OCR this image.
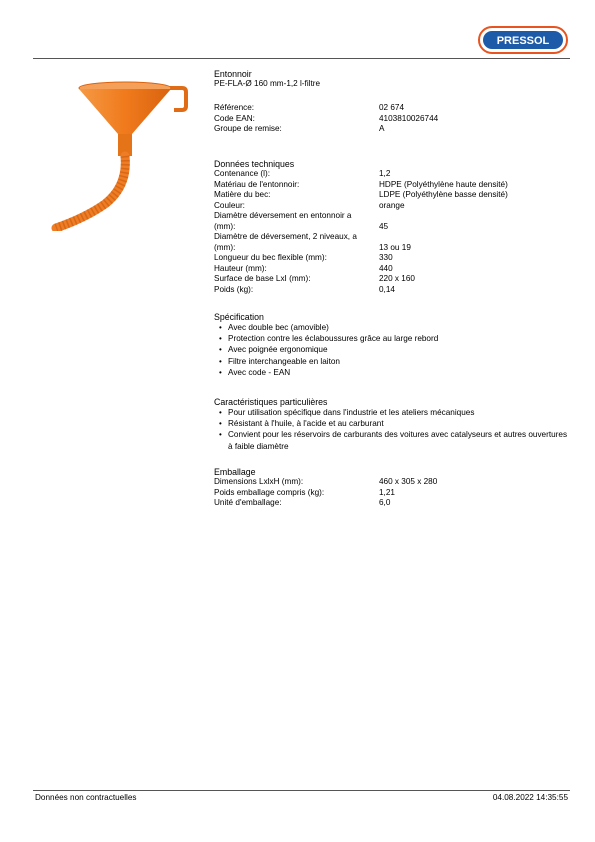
PRESSOL
Entonnoir
PE-FLA-Ø 160 mm-1,2 l-filtre
Référence:	02 674
Code EAN:	4103810026744
Groupe de remise:	A
Données techniques
Contenance (l):	1,2
Matériau de l'entonnoir:	HDPE (Polyéthylène haute densité)
Matière du bec:	LDPE (Polyéthylène basse densité)
Couleur:	orange
Diamètre déversement en entonnoir a	
(mm):	45
Diamètre de déversement, 2 niveaux, a	
(mm):	13 ou 19
Longueur du bec flexible (mm):	330
Hauteur (mm):	440
Surface de base LxI (mm):	220 x 160
Poids (kg):	0,14
Spécification
• Avec double bec (amovible)
• Protection contre les éclaboussures grâce au large rebord
• Avec poignée ergonomique
• Filtre interchangeable en laiton
• Avec code - EAN
Caractéristiques particulières
• Pour utilisation spécifique dans l'industrie et les ateliers mécaniques
• Résistant à l'huile, à l'acide et au carburant
• Convient pour les réservoirs de carburants des voitures avec catalyseurs et autres ouvertures à faible diamètre
Emballage
Dimensions LxlxH (mm):	460 x 305 x 280
Poids emballage compris (kg):	1,21
Unité d'emballage:	6,0
Données non contractuelles	04.08.2022 14:35:55
